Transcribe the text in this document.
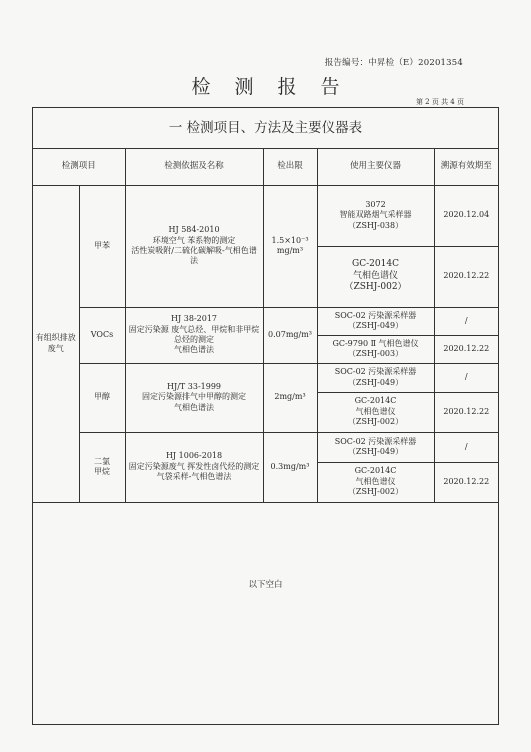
报告编号：中昇检（E）20201354
检测报告
第 2 页 共 4 页
一 检测项目、方法及主要仪器表
检测项目		检测依据及名称	检出限	使用主要仪器	溯源有效期至
有组织排放废气	甲苯	HJ 584-2010
环境空气 苯系物的测定
活性炭吸附/二硫化碳解吸-气相色谱法	1.5×10⁻³ mg/m³	3072
智能双路烟气采样器
（ZSHJ-038）	2020.12.04
				GC-2014C
气相色谱仪
（ZSHJ-002）	2020.12.22
	VOCs	HJ 38-2017
固定污染源 废气总烃、甲烷和非甲烷总烃的测定
气相色谱法	0.07mg/m³	SOC-02 污染源采样器
（ZSHJ-049）	/
				GC-9790 Ⅱ 气相色谱仪
（ZSHJ-003）	2020.12.22
	甲醇	HJ/T 33-1999
固定污染源排气中甲醇的测定
气相色谱法	2mg/m³	SOC-02 污染源采样器
（ZSHJ-049）	/
				GC-2014C
气相色谱仪
（ZSHJ-002）	2020.12.22
	二氯
甲烷	HJ 1006-2018
固定污染源废气 挥发性卤代烃的测定 气袋采样-气相色谱法	0.3mg/m³	SOC-02 污染源采样器
（ZSHJ-049）	/
				GC-2014C
气相色谱仪
（ZSHJ-002）	2020.12.22
以下空白
